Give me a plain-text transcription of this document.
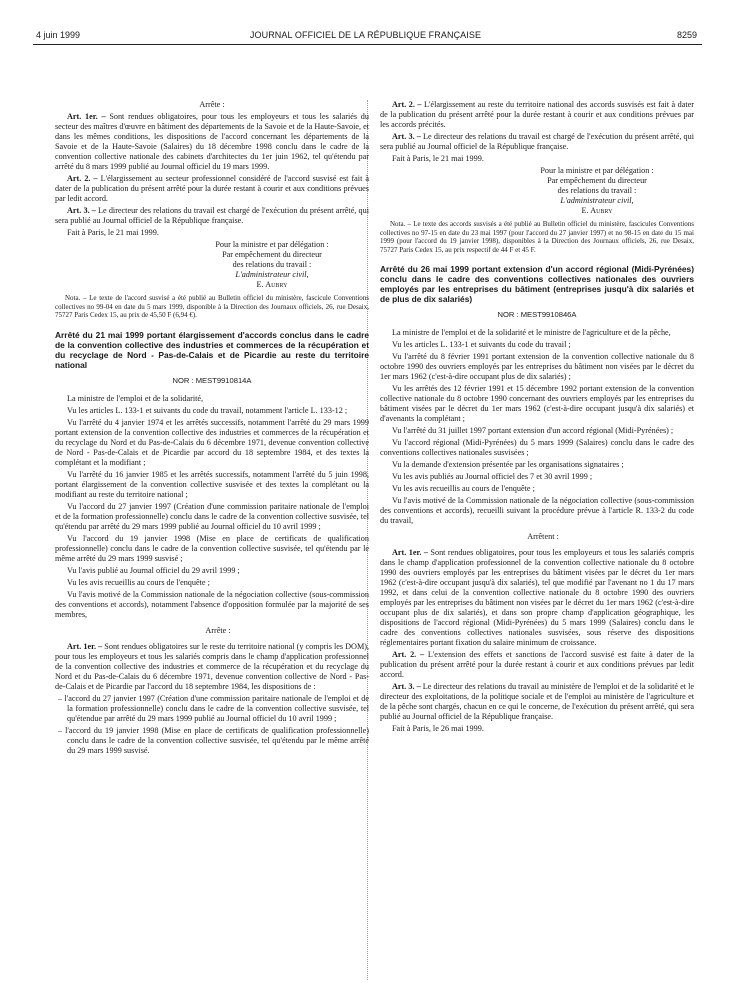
4 juin 1999	JOURNAL OFFICIEL DE LA RÉPUBLIQUE FRANÇAISE	8259

Arrête :

Art. 1er. – Sont rendues obligatoires, pour tous les employeurs et tous les salariés du secteur des maîtres d'œuvre en bâtiment des départements de la Savoie et de la Haute-Savoie, et dans les mêmes conditions, les dispositions de l'accord concernant les départements de la Savoie et de la Haute-Savoie (Salaires) du 18 décembre 1998 conclu dans le cadre de la convention collective nationale des cabinets d'architectes du 1er juin 1962, tel qu'étendu par arrêté du 8 mars 1999 publié au Journal officiel du 19 mars 1999.

Art. 2. – L'élargissement au secteur professionnel considéré de l'accord susvisé est fait à dater de la publication du présent arrêté pour la durée restant à courir et aux conditions prévues par ledit accord.

Art. 3. – Le directeur des relations du travail est chargé de l'exécution du présent arrêté, qui sera publié au Journal officiel de la République française.

Fait à Paris, le 21 mai 1999.

Pour la ministre et par délégation :
Par empêchement du directeur
des relations du travail :
L'administrateur civil,
E. Aubry

Nota. – Le texte de l'accord susvisé a été publié au Bulletin officiel du ministère, fascicule Conventions collectives no 99-04 en date du 5 mars 1999, disponible à la Direction des Journaux officiels, 26, rue Desaix, 75727 Paris Cedex 15, au prix de 45,50 F (6,94 €).

Arrêté du 21 mai 1999 portant élargissement d'accords conclus dans le cadre de la convention collective des industries et commerces de la récupération et du recyclage de Nord - Pas-de-Calais et de Picardie au reste du territoire national

NOR : MESТ9910814A

La ministre de l'emploi et de la solidarité,

Vu les articles L. 133-1 et suivants du code du travail, notamment l'article L. 133-12 ;

Vu l'arrêté du 4 janvier 1974 et les arrêtés successifs, notamment l'arrêté du 29 mars 1999 portant extension de la convention collective des industries et commerces de la récupération et du recyclage du Nord et du Pas-de-Calais du 6 décembre 1971, devenue convention collective de Nord - Pas-de-Calais et de Picardie par accord du 18 septembre 1984, et des textes la complétant et la modifiant ;

Vu l'arrêté du 16 janvier 1985 et les arrêtés successifs, notamment l'arrêté du 5 juin 1998, portant élargissement de la convention collective susvisée et des textes la complétant ou la modifiant au reste du territoire national ;

Vu l'accord du 27 janvier 1997 (Création d'une commission paritaire nationale de l'emploi et de la formation professionnelle) conclu dans le cadre de la convention collective susvisée, tel qu'étendu par arrêté du 29 mars 1999 publié au Journal officiel du 10 avril 1999 ;

Vu l'accord du 19 janvier 1998 (Mise en place de certificats de qualification professionnelle) conclu dans le cadre de la convention collective susvisée, tel qu'étendu par le même arrêté du 29 mars 1999 susvisé ;

Vu l'avis publié au Journal officiel du 29 avril 1999 ;

Vu les avis recueillis au cours de l'enquête ;

Vu l'avis motivé de la Commission nationale de la négociation collective (sous-commission des conventions et accords), notamment l'absence d'opposition formulée par la majorité de ses membres,

Arrête :

Art. 1er. – Sont rendues obligatoires sur le reste du territoire national (y compris les DOM), pour tous les employeurs et tous les salariés compris dans le champ d'application professionnel de la convention collective des industries et commerce de la récupération et du recyclage du Nord et du Pas-de-Calais du 6 décembre 1971, devenue convention collective de Nord - Pas-de-Calais et de Picardie par l'accord du 18 septembre 1984, les dispositions de :

– l'accord du 27 janvier 1997 (Création d'une commission paritaire nationale de l'emploi et de la formation professionnelle) conclu dans le cadre de la convention collective susvisée, tel qu'étendue par arrêté du 29 mars 1999 publié au Journal officiel du 10 avril 1999 ;

– l'accord du 19 janvier 1998 (Mise en place de certificats de qualification professionnelle) conclu dans le cadre de la convention collective susvisée, tel qu'étendu par le même arrêté du 29 mars 1999 susvisé.

Art. 2. – L'élargissement au reste du territoire national des accords susvisés est fait à dater de la publication du présent arrêté pour la durée restant à courir et aux conditions prévues par les accords précités.

Art. 3. – Le directeur des relations du travail est chargé de l'exécution du présent arrêté, qui sera publié au Journal officiel de la République française.

Fait à Paris, le 21 mai 1999.

Pour la ministre et par délégation :
Par empêchement du directeur
des relations du travail :
L'administrateur civil,
E. Aubry

Nota. – Le texte des accords susvisés a été publié au Bulletin officiel du ministère, fascicules Conventions collectives no 97-15 en date du 23 mai 1997 (pour l'accord du 27 janvier 1997) et no 98-15 en date du 15 mai 1999 (pour l'accord du 19 janvier 1998), disponibles à la Direction des Journaux officiels, 26, rue Desaix, 75727 Paris Cedex 15, au prix respectif de 44 F et 45 F.

Arrêté du 26 mai 1999 portant extension d'un accord régional (Midi-Pyrénées) conclu dans le cadre des conventions collectives nationales des ouvriers employés par les entreprises du bâtiment (entreprises jusqu'à dix salariés et de plus de dix salariés)

NOR : MEST9910846A

La ministre de l'emploi et de la solidarité et le ministre de l'agriculture et de la pêche,

Vu les articles L. 133-1 et suivants du code du travail ;

Vu l'arrêté du 8 février 1991 portant extension de la convention collective nationale du 8 octobre 1990 des ouvriers employés par les entreprises du bâtiment non visées par le décret du 1er mars 1962 (c'est-à-dire occupant plus de dix salariés) ;

Vu les arrêtés des 12 février 1991 et 15 décembre 1992 portant extension de la convention collective nationale du 8 octobre 1990 concernant des ouvriers employés par les entreprises du bâtiment visées par le décret du 1er mars 1962 (c'est-à-dire occupant jusqu'à dix salariés) et d'avenants la complétant ;

Vu l'arrêté du 31 juillet 1997 portant extension d'un accord régional (Midi-Pyrénées) ;

Vu l'accord régional (Midi-Pyrénées) du 5 mars 1999 (Salaires) conclu dans le cadre des conventions collectives nationales susvisées ;

Vu la demande d'extension présentée par les organisations signataires ;

Vu les avis publiés au Journal officiel des 7 et 30 avril 1999 ;

Vu les avis recueillis au cours de l'enquête ;

Vu l'avis motivé de la Commission nationale de la négociation collective (sous-commission des conventions et accords), recueilli suivant la procédure prévue à l'article R. 133-2 du code du travail,

Arrêtent :

Art. 1er. – Sont rendues obligatoires, pour tous les employeurs et tous les salariés compris dans le champ d'application professionnel de la convention collective nationale du 8 octobre 1990 des ouvriers employés par les entreprises du bâtiment visées par le décret du 1er mars 1962 (c'est-à-dire occupant jusqu'à dix salariés), tel que modifié par l'avenant no 1 du 17 mars 1992, et dans celui de la convention collective nationale du 8 octobre 1990 des ouvriers employés par les entreprises du bâtiment non visées par le décret du 1er mars 1962 (c'est-à-dire occupant plus de dix salariés), et dans son propre champ d'application géographique, les dispositions de l'accord régional (Midi-Pyrénées) du 5 mars 1999 (Salaires) conclu dans le cadre des conventions collectives nationales susvisées, sous réserve des dispositions réglementaires portant fixation du salaire minimum de croissance.

Art. 2. – L'extension des effets et sanctions de l'accord susvisé est faite à dater de la publication du présent arrêté pour la durée restant à courir et aux conditions prévues par ledit accord.

Art. 3. – Le directeur des relations du travail au ministère de l'emploi et de la solidarité et le directeur des exploitations, de la politique sociale et de l'emploi au ministère de l'agriculture et de la pêche sont chargés, chacun en ce qui le concerne, de l'exécution du présent arrêté, qui sera publié au Journal officiel de la République française.

Fait à Paris, le 26 mai 1999.
